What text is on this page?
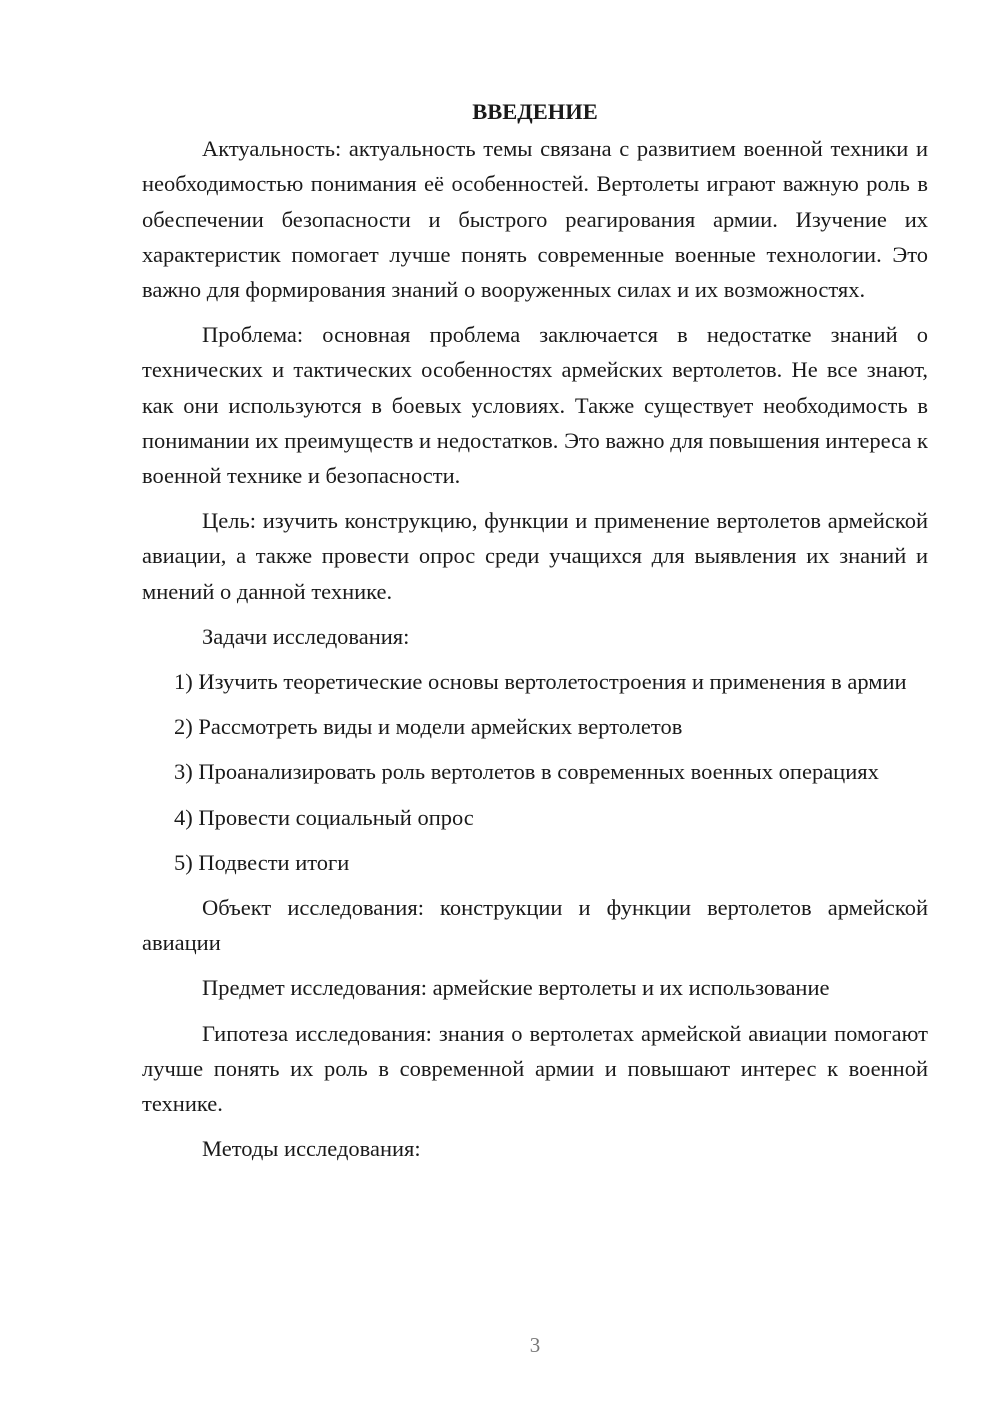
ВВЕДЕНИЕ

Актуальность: актуальность темы связана с развитием военной техники и необходимостью понимания её особенностей. Вертолеты играют важную роль в обеспечении безопасности и быстрого реагирования армии. Изучение их характеристик помогает лучше понять современные военные технологии. Это важно для формирования знаний о вооруженных силах и их возможностях.

Проблема: основная проблема заключается в недостатке знаний о технических и тактических особенностях армейских вертолетов. Не все знают, как они используются в боевых условиях. Также существует необходимость в понимании их преимуществ и недостатков. Это важно для повышения интереса к военной технике и безопасности.

Цель: изучить конструкцию, функции и применение вертолетов армейской авиации, а также провести опрос среди учащихся для выявления их знаний и мнений о данной технике.

Задачи исследования:

1) Изучить теоретические основы вертолетостроения и применения в армии

2) Рассмотреть виды и модели армейских вертолетов

3) Проанализировать роль вертолетов в современных военных операциях

4) Провести социальный опрос

5) Подвести итоги

Объект исследования: конструкции и функции вертолетов армейской авиации

Предмет исследования: армейские вертолеты и их использование

Гипотеза исследования: знания о вертолетах армейской авиации помогают лучше понять их роль в современной армии и повышают интерес к военной технике.

Методы исследования:

3
